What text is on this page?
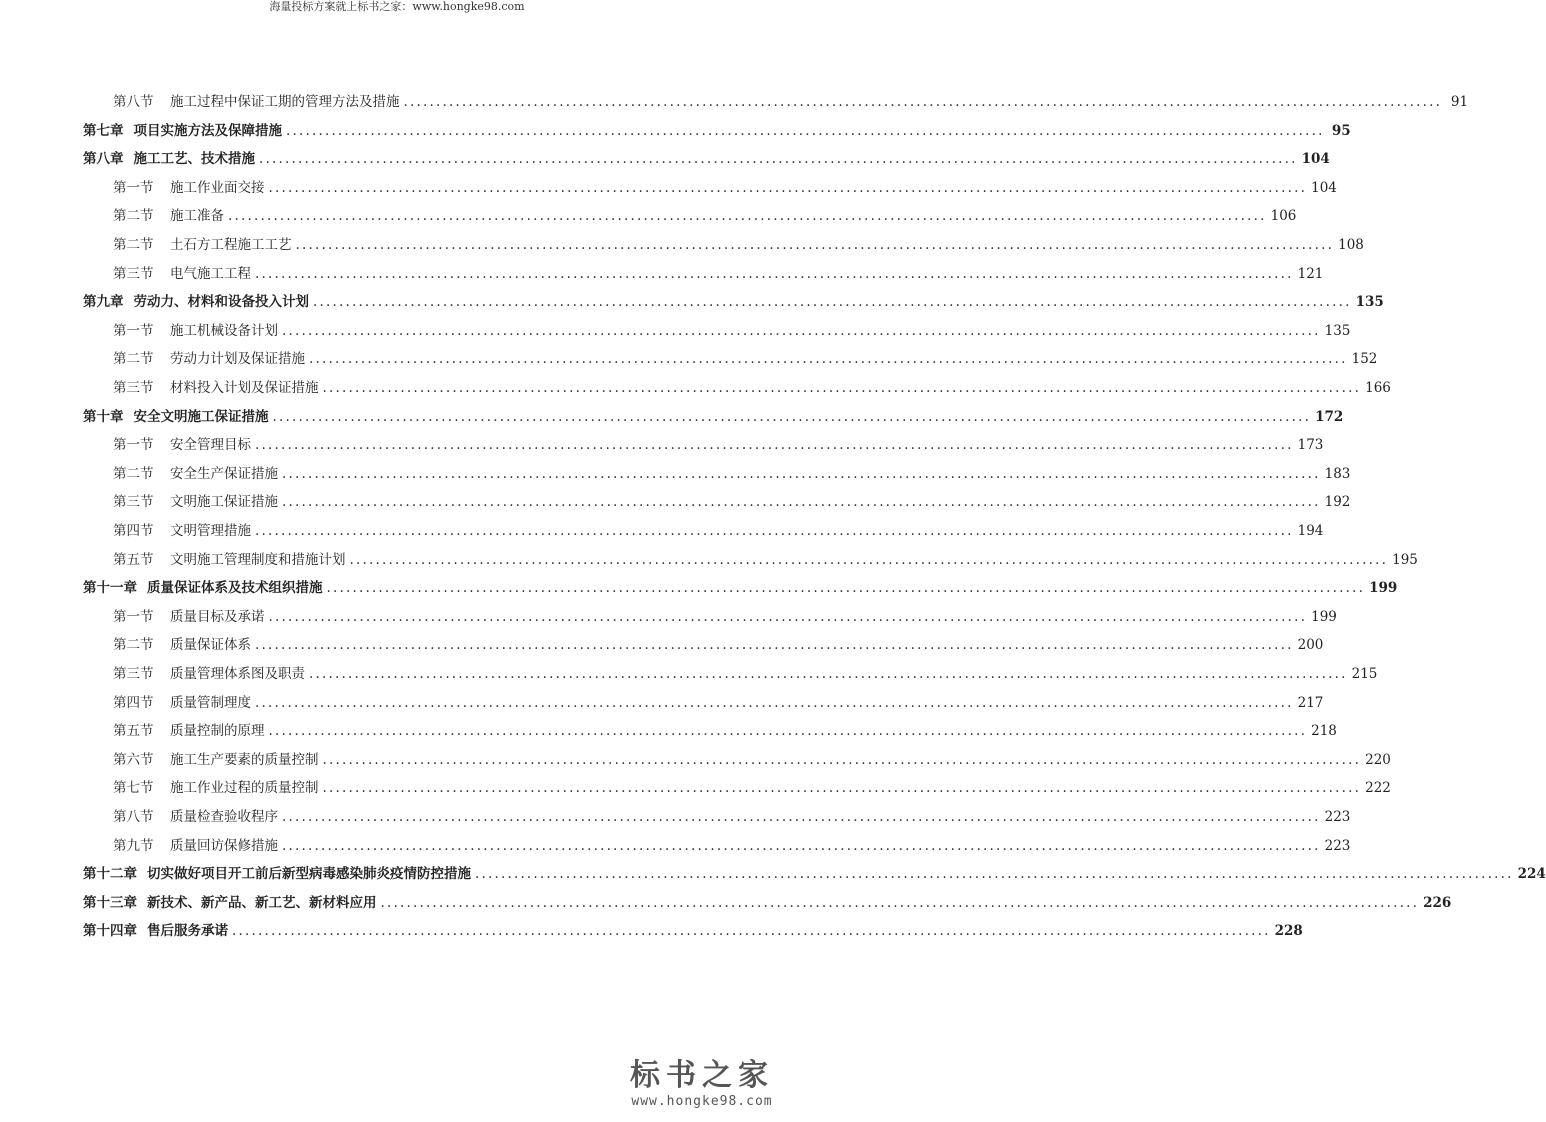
海量投标方案就上标书之家：www.hongke98.com
第八节	施工过程中保证工期的管理方法及措施 ................................................................................................................................................................ 91
第七章 项目实施方法及保障措施 ................................................................................................................................................................ 95
第八章 施工工艺、技术措施 ................................................................................................................................................................ 104
第一节	施工作业面交接 ................................................................................................................................................................ 104
第二节	施工准备 ................................................................................................................................................................ 106
第二节	土石方工程施工工艺 ................................................................................................................................................................ 108
第三节	电气施工工程 ................................................................................................................................................................ 121
第九章 劳动力、材料和设备投入计划 ................................................................................................................................................................ 135
第一节	施工机械设备计划 ................................................................................................................................................................ 135
第二节	劳动力计划及保证措施 ................................................................................................................................................................ 152
第三节	材料投入计划及保证措施 ................................................................................................................................................................ 166
第十章 安全文明施工保证措施 ................................................................................................................................................................ 172
第一节	安全管理目标 ................................................................................................................................................................ 173
第二节	安全生产保证措施 ................................................................................................................................................................ 183
第三节	文明施工保证措施 ................................................................................................................................................................ 192
第四节	文明管理措施 ................................................................................................................................................................ 194
第五节	文明施工管理制度和措施计划 ................................................................................................................................................................ 195
第十一章 质量保证体系及技术组织措施 ................................................................................................................................................................ 199
第一节	质量目标及承诺 ................................................................................................................................................................ 199
第二节	质量保证体系 ................................................................................................................................................................ 200
第三节	质量管理体系图及职责 ................................................................................................................................................................ 215
第四节	质量管制理度 ................................................................................................................................................................ 217
第五节	质量控制的原理 ................................................................................................................................................................ 218
第六节	施工生产要素的质量控制 ................................................................................................................................................................ 220
第七节	施工作业过程的质量控制 ................................................................................................................................................................ 222
第八节	质量检查验收程序 ................................................................................................................................................................ 223
第九节	质量回访保修措施 ................................................................................................................................................................ 223
第十二章 切实做好项目开工前后新型病毒感染肺炎疫情防控措施 ................................................................................................................................................................ 224
第十三章 新技术、新产品、新工艺、新材料应用 ................................................................................................................................................................ 226
第十四章 售后服务承诺 ................................................................................................................................................................ 228
标书之家
www.hongke98.com
